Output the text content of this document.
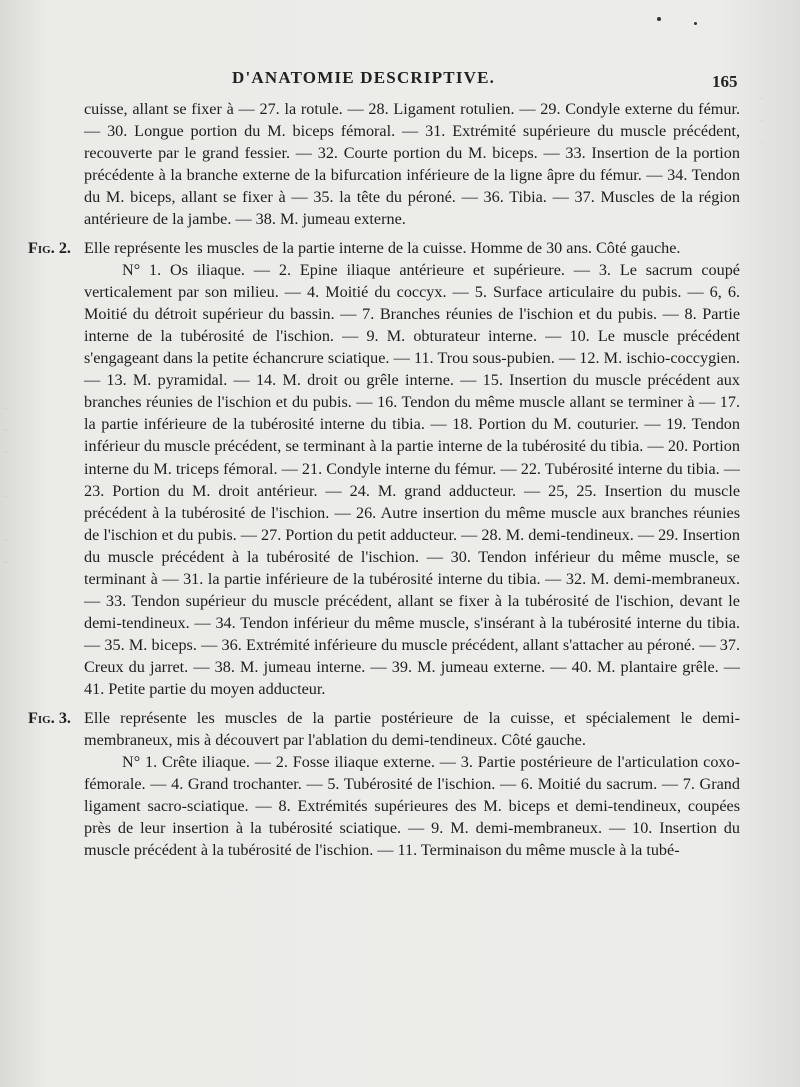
-
-
-

-

-
-
.
.
.
D'ANATOMIE DESCRIPTIVE.	165

cuisse, allant se fixer à — 27. la rotule. — 28. Ligament rotulien. — 29. Condyle externe du fémur. — 30. Longue portion du M. biceps fémoral. — 31. Extrémité supérieure du muscle précédent, recouverte par le grand fessier. — 32. Courte portion du M. biceps. — 33. Insertion de la portion précédente à la branche externe de la bifurcation inférieure de la ligne âpre du fémur. — 34. Tendon du M. biceps, allant se fixer à — 35. la tête du péroné. — 36. Tibia. — 37. Muscles de la région antérieure de la jambe. — 38. M. jumeau externe.

Fig. 2. Elle représente les muscles de la partie interne de la cuisse. Homme de 30 ans. Côté gauche.

N° 1. Os iliaque. — 2. Epine iliaque antérieure et supérieure. — 3. Le sacrum coupé verticalement par son milieu. — 4. Moitié du coccyx. — 5. Surface articulaire du pubis. — 6, 6. Moitié du détroit supérieur du bassin. — 7. Branches réunies de l'ischion et du pubis. — 8. Partie interne de la tubérosité de l'ischion. — 9. M. obturateur interne. — 10. Le muscle précédent s'engageant dans la petite échancrure sciatique. — 11. Trou sous-pubien. — 12. M. ischio-coccygien. — 13. M. pyramidal. — 14. M. droit ou grêle interne. — 15. Insertion du muscle précédent aux branches réunies de l'ischion et du pubis. — 16. Tendon du même muscle allant se terminer à — 17. la partie inférieure de la tubérosité interne du tibia. — 18. Portion du M. couturier. — 19. Tendon inférieur du muscle précédent, se terminant à la partie interne de la tubérosité du tibia. — 20. Portion interne du M. triceps fémoral. — 21. Condyle interne du fémur. — 22. Tubérosité interne du tibia. — 23. Portion du M. droit antérieur. — 24. M. grand adducteur. — 25, 25. Insertion du muscle précédent à la tubérosité de l'ischion. — 26. Autre insertion du même muscle aux branches réunies de l'ischion et du pubis. — 27. Portion du petit adducteur. — 28. M. demi-tendineux. — 29. Insertion du muscle précédent à la tubérosité de l'ischion. — 30. Tendon inférieur du même muscle, se terminant à — 31. la partie inférieure de la tubérosité interne du tibia. — 32. M. demi-membraneux. — 33. Tendon supérieur du muscle précédent, allant se fixer à la tubérosité de l'ischion, devant le demi-tendineux. — 34. Tendon inférieur du même muscle, s'insérant à la tubérosité interne du tibia. — 35. M. biceps. — 36. Extrémité inférieure du muscle précédent, allant s'attacher au péroné. — 37. Creux du jarret. — 38. M. jumeau interne. — 39. M. jumeau externe. — 40. M. plantaire grêle. — 41. Petite partie du moyen adducteur.

Fig. 3. Elle représente les muscles de la partie postérieure de la cuisse, et spécialement le demi-membraneux, mis à découvert par l'ablation du demi-tendineux. Côté gauche.

N° 1. Crête iliaque. — 2. Fosse iliaque externe. — 3. Partie postérieure de l'articulation coxo-fémorale. — 4. Grand trochanter. — 5. Tubérosité de l'ischion. — 6. Moitié du sacrum. — 7. Grand ligament sacro-sciatique. — 8. Extrémités supérieures des M. biceps et demi-tendineux, coupées près de leur insertion à la tubérosité sciatique. — 9. M. demi-membraneux. — 10. Insertion du muscle précédent à la tubérosité de l'ischion. — 11. Terminaison du même muscle à la tubé-
